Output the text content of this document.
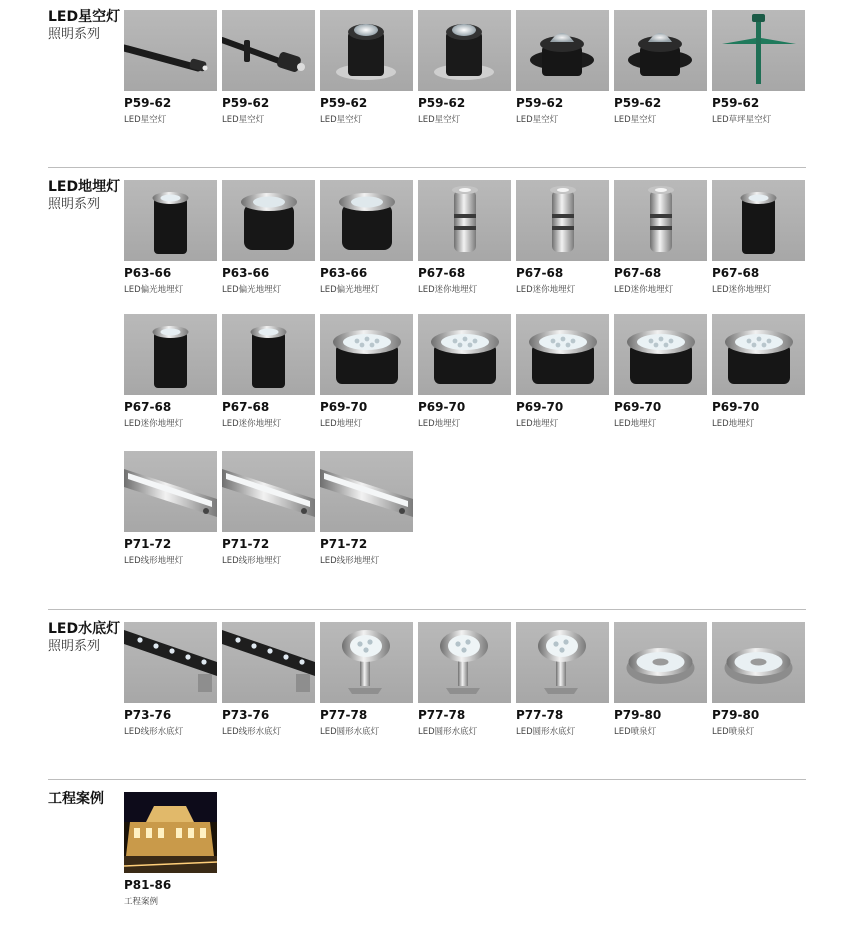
LED星空灯
照明系列
P59-62
LED星空灯
P59-62
LED星空灯
P59-62
LED星空灯
P59-62
LED星空灯
P59-62
LED星空灯
P59-62
LED星空灯
P59-62
LED草坪星空灯
LED地埋灯
照明系列
P63-66
LED偏光地埋灯
P63-66
LED偏光地埋灯
P63-66
LED偏光地埋灯
P67-68
LED迷你地埋灯
P67-68
LED迷你地埋灯
P67-68
LED迷你地埋灯
P67-68
LED迷你地埋灯
P67-68
LED迷你地埋灯
P67-68
LED迷你地埋灯
P69-70
LED地埋灯
P69-70
LED地埋灯
P69-70
LED地埋灯
P69-70
LED地埋灯
P69-70
LED地埋灯
P71-72
LED线形地埋灯
P71-72
LED线形地埋灯
P71-72
LED线形地埋灯
LED水底灯
照明系列
P73-76
LED线形水底灯
P73-76
LED线形水底灯
P77-78
LED圆形水底灯
P77-78
LED圆形水底灯
P77-78
LED圆形水底灯
P79-80
LED喷泉灯
P79-80
LED喷泉灯
工程案例
P81-86
工程案例
